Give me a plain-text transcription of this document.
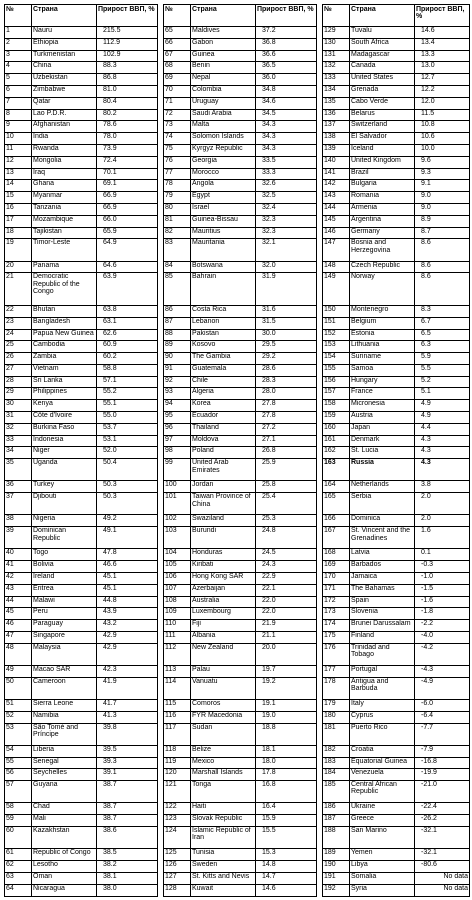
№	Страна	Прирост ВВП, %		№	Страна	Прирост ВВП, %		№	Страна	Прирост ВВП, %
1	Nauru	215.5		65	Maldives	37.2		129	Tuvalu	14.6
2	Ethiopia	112.9		66	Gabon	36.8		130	South Africa	13.4
3	Turkmenistan	102.9		67	Guinea	36.6		131	Madagascar	13.3
4	China	88.3		68	Benin	36.5		132	Canada	13.0
5	Uzbekistan	86.8		69	Nepal	36.0		133	United States	12.7
6	Zimbabwe	81.0		70	Colombia	34.8		134	Grenada	12.2
7	Qatar	80.4		71	Uruguay	34.6		135	Cabo Verde	12.0
8	Lao P.D.R.	80.2		72	Saudi Arabia	34.5		136	Belarus	11.5
9	Afghanistan	78.6		73	Malta	34.3		137	Switzerland	10.8
10	India	78.0		74	Solomon Islands	34.3		138	El Salvador	10.6
11	Rwanda	73.9		75	Kyrgyz Republic	34.3		139	Iceland	10.0
12	Mongolia	72.4		76	Georgia	33.5		140	United Kingdom	9.6
13	Iraq	70.1		77	Morocco	33.3		141	Brazil	9.3
14	Ghana	69.1		78	Angola	32.6		142	Bulgaria	9.1
15	Myanmar	66.9		79	Egypt	32.5		143	Romania	9.0
16	Tanzania	66.9		80	Israel	32.4		144	Armenia	9.0
17	Mozambique	66.0		81	Guinea-Bissau	32.3		145	Argentina	8.9
18	Tajikistan	65.9		82	Mauritius	32.3		146	Germany	8.7
19	Timor-Leste	64.9		83	Mauritania	32.1		147	Bosnia and Herzegovina	8.6
20	Panama	64.6		84	Botswana	32.0		148	Czech Republic	8.6
21	Democratic Republic of the Congo	63.9		85	Bahrain	31.9		149	Norway	8.6
22	Bhutan	63.8		86	Costa Rica	31.6		150	Montenegro	8.3
23	Bangladesh	63.1		87	Lebanon	31.5		151	Belgium	6.7
24	Papua New Guinea	62.6		88	Pakistan	30.0		152	Estonia	6.5
25	Cambodia	60.9		89	Kosovo	29.5		153	Lithuania	6.3
26	Zambia	60.2		90	The Gambia	29.2		154	Suriname	5.9
27	Vietnam	58.8		91	Guatemala	28.6		155	Samoa	5.5
28	Sri Lanka	57.1		92	Chile	28.3		156	Hungary	5.2
29	Philippines	55.2		93	Algeria	28.0		157	France	5.1
30	Kenya	55.1		94	Korea	27.8		158	Micronesia	4.9
31	Côte d'Ivoire	55.0		95	Ecuador	27.8		159	Austria	4.9
32	Burkina Faso	53.7		96	Thailand	27.2		160	Japan	4.4
33	Indonesia	53.1		97	Moldova	27.1		161	Denmark	4.3
34	Niger	52.0		98	Poland	26.8		162	St. Lucia	4.3
35	Uganda	50.4		99	United Arab Emirates	25.9		163	Russia	4.3
36	Turkey	50.3		100	Jordan	25.8		164	Netherlands	3.8
37	Djibouti	50.3		101	Taiwan Province of China	25.4		165	Serbia	2.0
38	Nigeria	49.2		102	Swaziland	25.3		166	Dominica	2.0
39	Dominican Republic	49.1		103	Burundi	24.8		167	St. Vincent and the Grenadines	1.6
40	Togo	47.8		104	Honduras	24.5		168	Latvia	0.1
41	Bolivia	46.6		105	Kiribati	24.3		169	Barbados	-0.3
42	Ireland	45.1		106	Hong Kong SAR	22.9		170	Jamaica	-1.0
43	Eritrea	45.1		107	Azerbaijan	22.1		171	The Bahamas	-1.5
44	Malawi	44.8		108	Australia	22.0		172	Spain	-1.6
45	Peru	43.9		109	Luxembourg	22.0		173	Slovenia	-1.8
46	Paraguay	43.2		110	Fiji	21.9		174	Brunei Darussalam	-2.2
47	Singapore	42.9		111	Albania	21.1		175	Finland	-4.0
48	Malaysia	42.9		112	New Zealand	20.0		176	Trinidad and Tobago	-4.2
49	Macao SAR	42.3		113	Palau	19.7		177	Portugal	-4.3
50	Cameroon	41.9		114	Vanuatu	19.2		178	Antigua and Barbuda	-4.9
51	Sierra Leone	41.7		115	Comoros	19.1		179	Italy	-6.0
52	Namibia	41.3		116	FYR Macedonia	19.0		180	Cyprus	-6.4
53	São Tomé and Príncipe	39.8		117	Sudan	18.8		181	Puerto Rico	-7.7
54	Liberia	39.5		118	Belize	18.1		182	Croatia	-7.9
55	Senegal	39.3		119	Mexico	18.0		183	Equatorial Guinea	-16.8
56	Seychelles	39.1		120	Marshall Islands	17.8		184	Venezuela	-19.9
57	Guyana	38.7		121	Tonga	16.8		185	Central African Republic	-21.0
58	Chad	38.7		122	Haiti	16.4		186	Ukraine	-22.4
59	Mali	38.7		123	Slovak Republic	15.9		187	Greece	-26.2
60	Kazakhstan	38.6		124	Islamic Republic of Iran	15.5		188	San Marino	-32.1
61	Republic of Congo	38.5		125	Tunisia	15.3		189	Yemen	-32.1
62	Lesotho	38.2		126	Sweden	14.8		190	Libya	-80.6
63	Oman	38.1		127	St. Kitts and Nevis	14.7		191	Somalia	No data
64	Nicaragua	38.0		128	Kuwait	14.6		192	Syria	No data
